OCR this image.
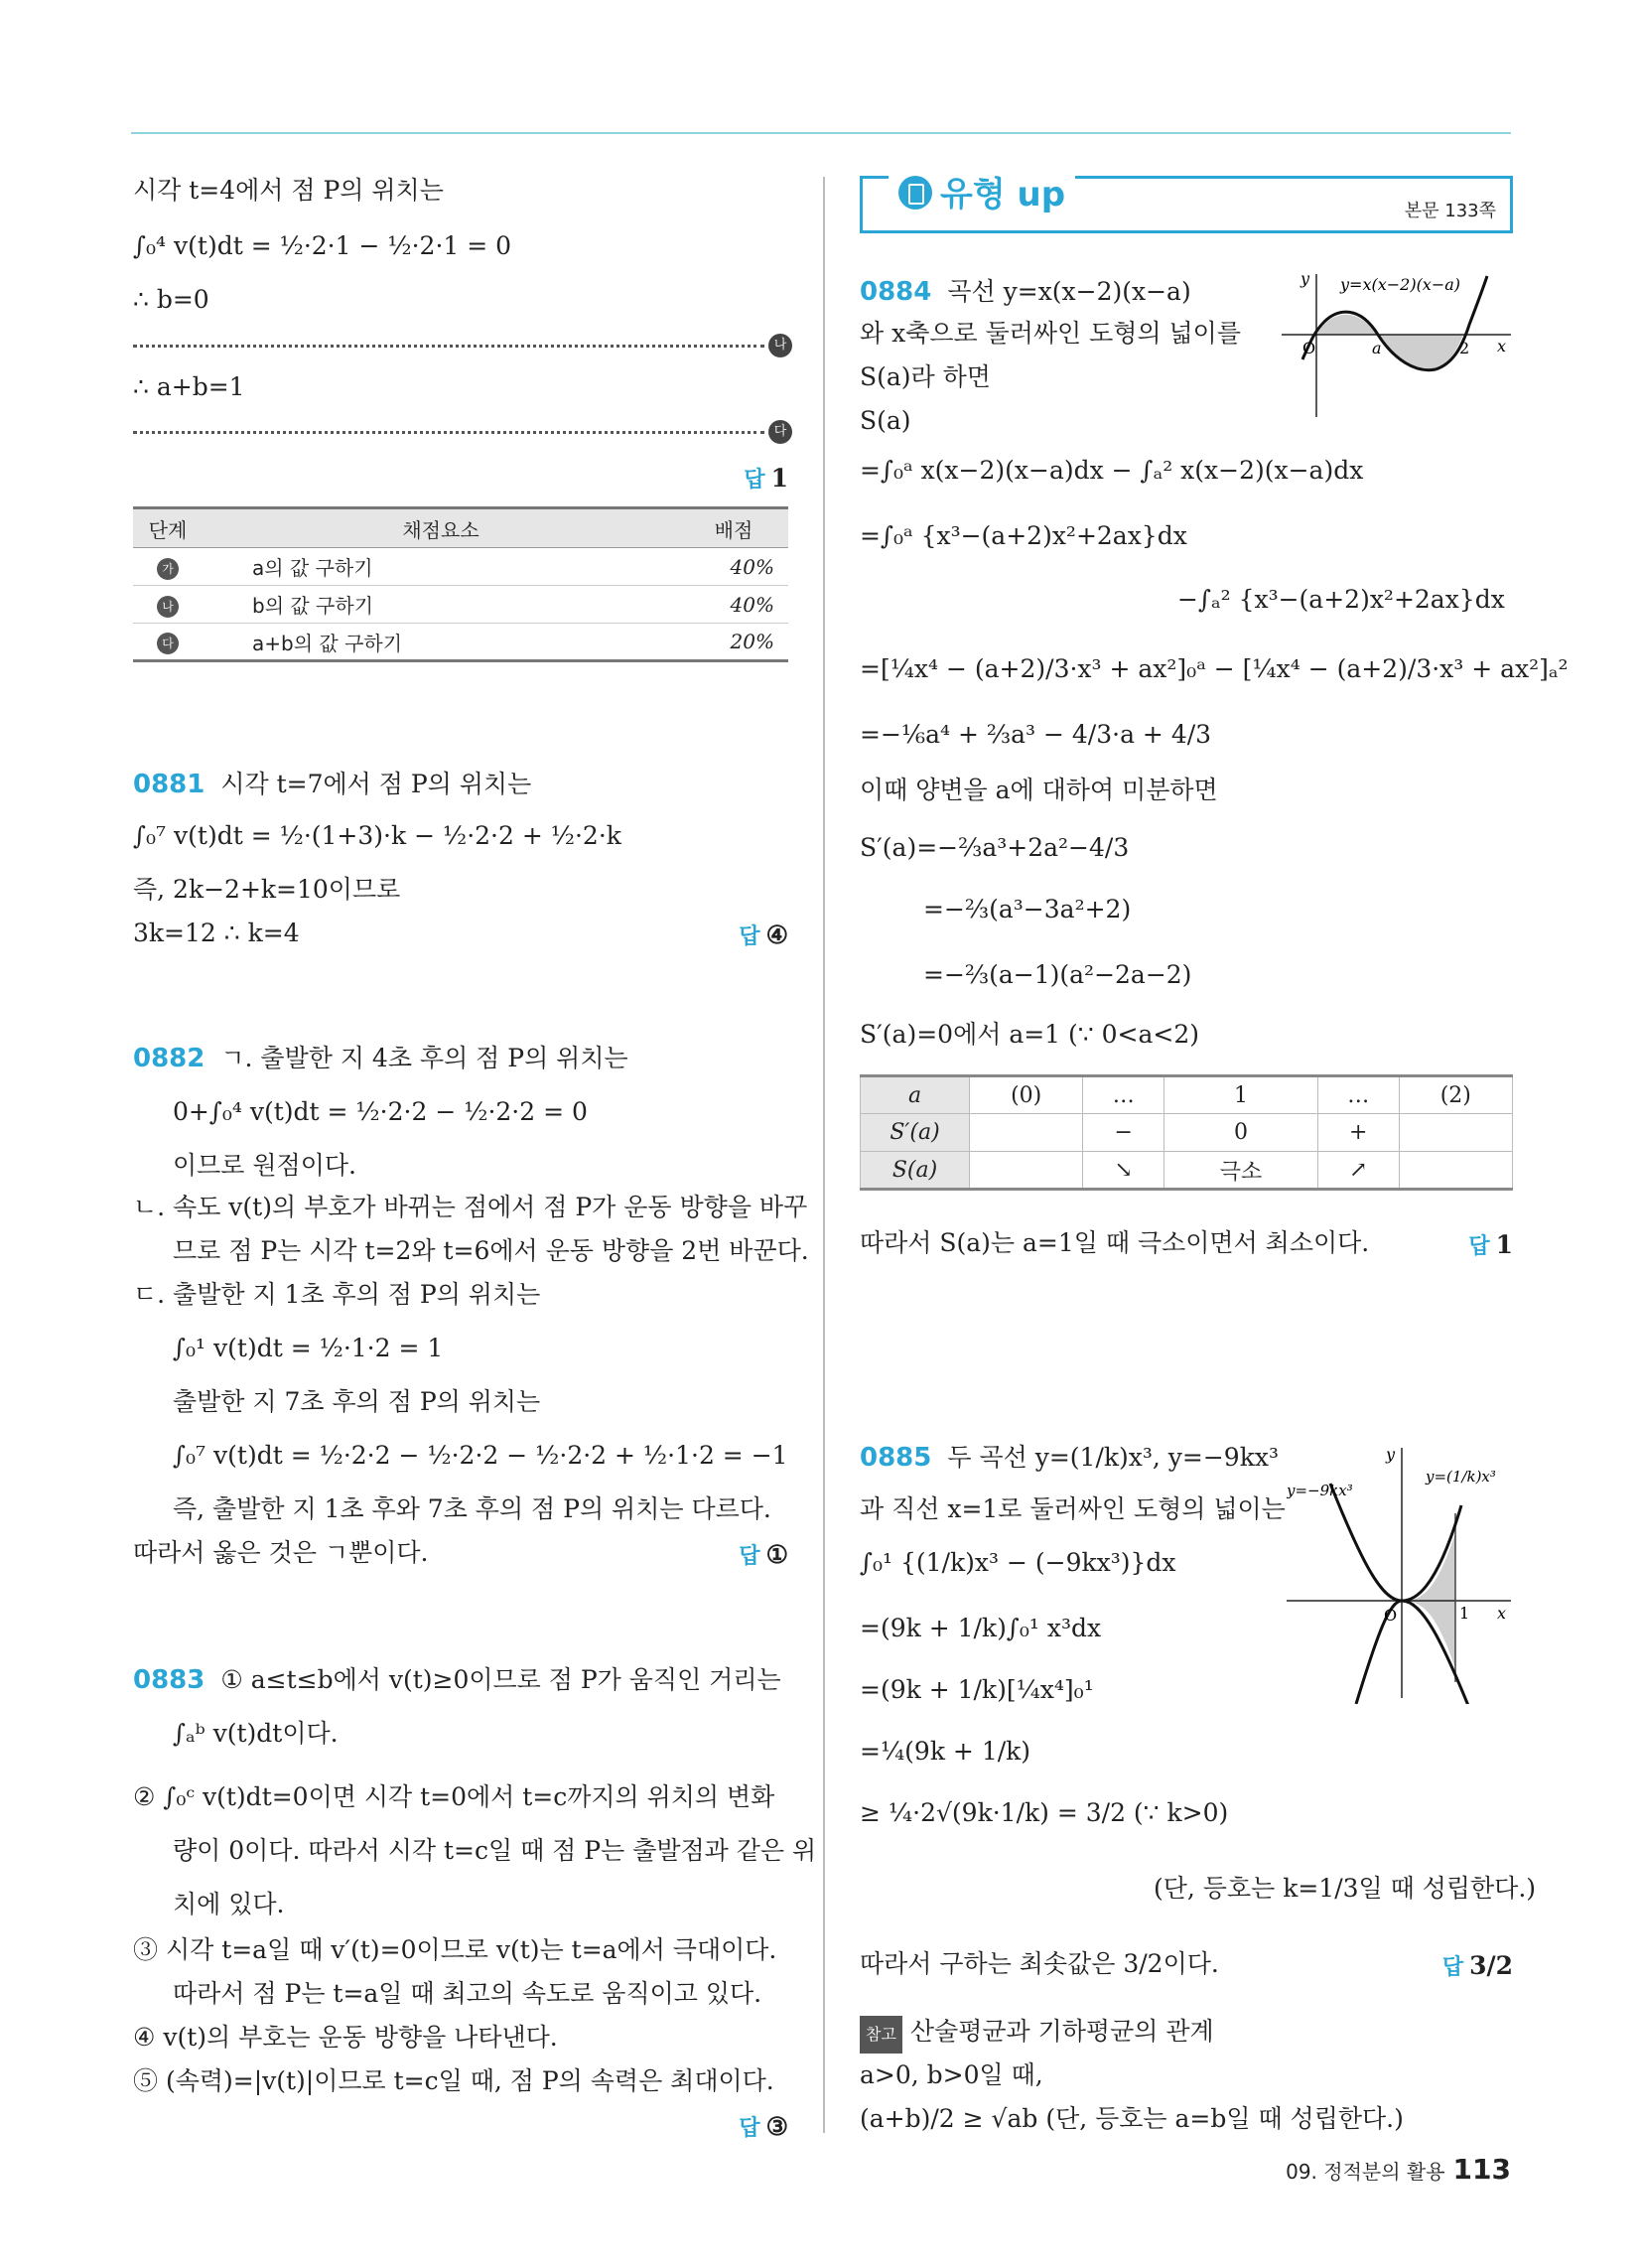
시각 t=4에서 점 P의 위치는
∫₀⁴ v(t)dt = ½·2·1 − ½·2·1 = 0
∴ b=0
나
∴ a+b=1
다
답 1
단계	채점요소	배점
가	a의 값 구하기	40%
나	b의 값 구하기	40%
다	a+b의 값 구하기	20%
0881 시각 t=7에서 점 P의 위치는
∫₀⁷ v(t)dt = ½·(1+3)·k − ½·2·2 + ½·2·k
즉, 2k−2+k=10이므로
3k=12 ∴ k=4	답 ④
0882 ㄱ. 출발한 지 4초 후의 점 P의 위치는
0+∫₀⁴ v(t)dt = ½·2·2 − ½·2·2 = 0
이므로 원점이다.
ㄴ. 속도 v(t)의 부호가 바뀌는 점에서 점 P가 운동 방향을 바꾸
므로 점 P는 시각 t=2와 t=6에서 운동 방향을 2번 바꾼다.
ㄷ. 출발한 지 1초 후의 점 P의 위치는
∫₀¹ v(t)dt = ½·1·2 = 1
출발한 지 7초 후의 점 P의 위치는
∫₀⁷ v(t)dt = ½·2·2 − ½·2·2 − ½·2·2 + ½·1·2 = −1
즉, 출발한 지 1초 후와 7초 후의 점 P의 위치는 다르다.
따라서 옳은 것은 ㄱ뿐이다.	답 ①
0883 ① a≤t≤b에서 v(t)≥0이므로 점 P가 움직인 거리는
∫ₐᵇ v(t)dt이다.
② ∫₀ᶜ v(t)dt=0이면 시각 t=0에서 t=c까지의 위치의 변화
량이 0이다. 따라서 시각 t=c일 때 점 P는 출발점과 같은 위
치에 있다.
③ 시각 t=a일 때 v′(t)=0이므로 v(t)는 t=a에서 극대이다.
따라서 점 P는 t=a일 때 최고의 속도로 움직이고 있다.
④ v(t)의 부호는 운동 방향을 나타낸다.
⑤ (속력)=|v(t)|이므로 t=c일 때, 점 P의 속력은 최대이다.
답 ③
유형 up	본문 133쪽
0884 곡선 y=x(x−2)(x−a)
와 x축으로 둘러싸인 도형의 넓이를
S(a)라 하면
S(a)
=∫₀ᵃ x(x−2)(x−a)dx − ∫ₐ² x(x−2)(x−a)dx
=∫₀ᵃ {x³−(a+2)x²+2ax}dx
−∫ₐ² {x³−(a+2)x²+2ax}dx
=[¼x⁴ − (a+2)/3·x³ + ax²]₀ᵃ − [¼x⁴ − (a+2)/3·x³ + ax²]ₐ²
=−⅙a⁴ + ⅔a³ − 4/3·a + 4/3
이때 양변을 a에 대하여 미분하면
S′(a)=−⅔a³+2a²−4/3
=−⅔(a³−3a²+2)
=−⅔(a−1)(a²−2a−2)
S′(a)=0에서 a=1 (∵ 0<a<2)
y
x
O	a	2
y=x(x−2)(x−a)
a	(0)	…	1	…	(2)
S′(a)		−	0	+	
S(a)		↘	극소	↗	
따라서 S(a)는 a=1일 때 극소이면서 최소이다.	답 1
0885 두 곡선 y=(1/k)x³, y=−9kx³
과 직선 x=1로 둘러싸인 도형의 넓이는
∫₀¹ {(1/k)x³ − (−9kx³)}dx
=(9k + 1/k)∫₀¹ x³dx
=(9k + 1/k)[¼x⁴]₀¹
=¼(9k + 1/k)
≥ ¼·2√(9k·1/k) = 3/2 (∵ k>0)
(단, 등호는 k=1/3일 때 성립한다.)
따라서 구하는 최솟값은 3/2이다.	답 3/2
y
x
O	1
y=−9kx³
y=(1/k)x³
참고 산술평균과 기하평균의 관계
a>0, b>0일 때,
(a+b)/2 ≥ √ab (단, 등호는 a=b일 때 성립한다.)
09. 정적분의 활용 113
